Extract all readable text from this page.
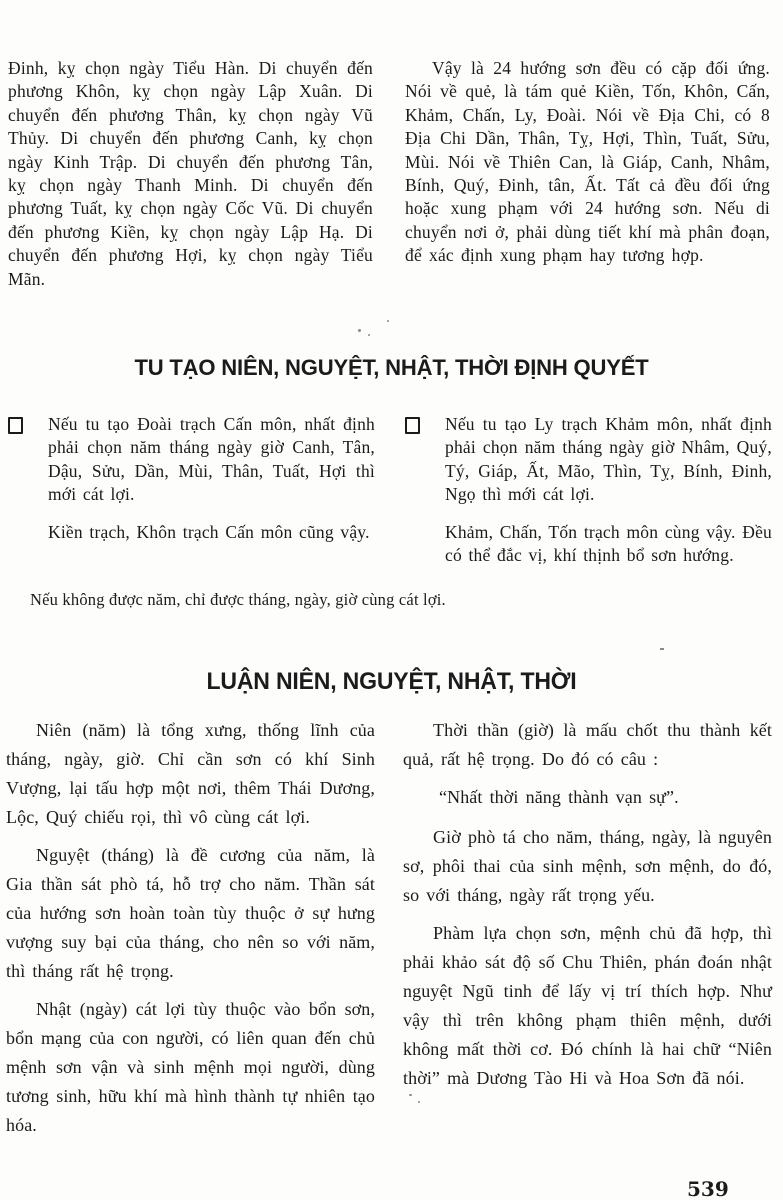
Đinh, kỵ chọn ngày Tiểu Hàn. Di chuyển đến phương Khôn, kỵ chọn ngày Lập Xuân. Di chuyển đến phương Thân, kỵ chọn ngày Vũ Thủy. Di chuyển đến phương Canh, kỵ chọn ngày Kinh Trập. Di chuyển đến phương Tân, kỵ chọn ngày Thanh Minh. Di chuyển đến phương Tuất, kỵ chọn ngày Cốc Vũ. Di chuyển đến phương Kiền, kỵ chọn ngày Lập Hạ. Di chuyển đến phương Hợi, kỵ chọn ngày Tiểu Mãn.

Vậy là 24 hướng sơn đều có cặp đối ứng. Nói về quẻ, là tám quẻ Kiền, Tốn, Khôn, Cấn, Khảm, Chấn, Ly, Đoài. Nói về Địa Chi, có 8 Địa Chi Dần, Thân, Tỵ, Hợi, Thìn, Tuất, Sửu, Mùi. Nói về Thiên Can, là Giáp, Canh, Nhâm, Bính, Quý, Đinh, tân, Ất. Tất cả đều đối ứng hoặc xung phạm với 24 hướng sơn. Nếu di chuyển nơi ở, phải dùng tiết khí mà phân đoạn, để xác định xung phạm hay tương hợp.

TU TẠO NIÊN, NGUYỆT, NHẬT, THỜI ĐỊNH QUYẾT

Nếu tu tạo Đoài trạch Cấn môn, nhất định phải chọn năm tháng ngày giờ Canh, Tân, Dậu, Sửu, Dần, Mùi, Thân, Tuất, Hợi thì mới cát lợi.

Kiền trạch, Khôn trạch Cấn môn cũng vậy.

Nếu tu tạo Ly trạch Khảm môn, nhất định phải chọn năm tháng ngày giờ Nhâm, Quý, Tý, Giáp, Ất, Mão, Thìn, Tỵ, Bính, Đinh, Ngọ thì mới cát lợi.

Khảm, Chấn, Tốn trạch môn cùng vậy. Đều có thể đắc vị, khí thịnh bổ sơn hướng.

Nếu không được năm, chỉ được tháng, ngày, giờ cùng cát lợi.

LUẬN NIÊN, NGUYỆT, NHẬT, THỜI

Niên (năm) là tổng xưng, thống lĩnh của tháng, ngày, giờ. Chỉ cần sơn có khí Sinh Vượng, lại tấu hợp một nơi, thêm Thái Dương, Lộc, Quý chiếu rọi, thì vô cùng cát lợi.

Nguyệt (tháng) là đề cương của năm, là Gia thần sát phò tá, hỗ trợ cho năm. Thần sát của hướng sơn hoàn toàn tùy thuộc ở sự hưng vượng suy bại của tháng, cho nên so với năm, thì tháng rất hệ trọng.

Nhật (ngày) cát lợi tùy thuộc vào bổn sơn, bổn mạng của con người, có liên quan đến chủ mệnh sơn vận và sinh mệnh mọi người, dùng tương sinh, hữu khí mà hình thành tự nhiên tạo hóa.

Thời thần (giờ) là mấu chốt thu thành kết quả, rất hệ trọng. Do đó có câu :

“Nhất thời năng thành vạn sự”.

Giờ phò tá cho năm, tháng, ngày, là nguyên sơ, phôi thai của sinh mệnh, sơn mệnh, do đó, so với tháng, ngày rất trọng yếu.

Phàm lựa chọn sơn, mệnh chủ đã hợp, thì phải khảo sát độ số Chu Thiên, phán đoán nhật nguyệt Ngũ tinh để lấy vị trí thích hợp. Như vậy thì trên không phạm thiên mệnh, dưới không mất thời cơ. Đó chính là hai chữ “Niên thời” mà Dương Tào Hi và Hoa Sơn đã nói.

539
